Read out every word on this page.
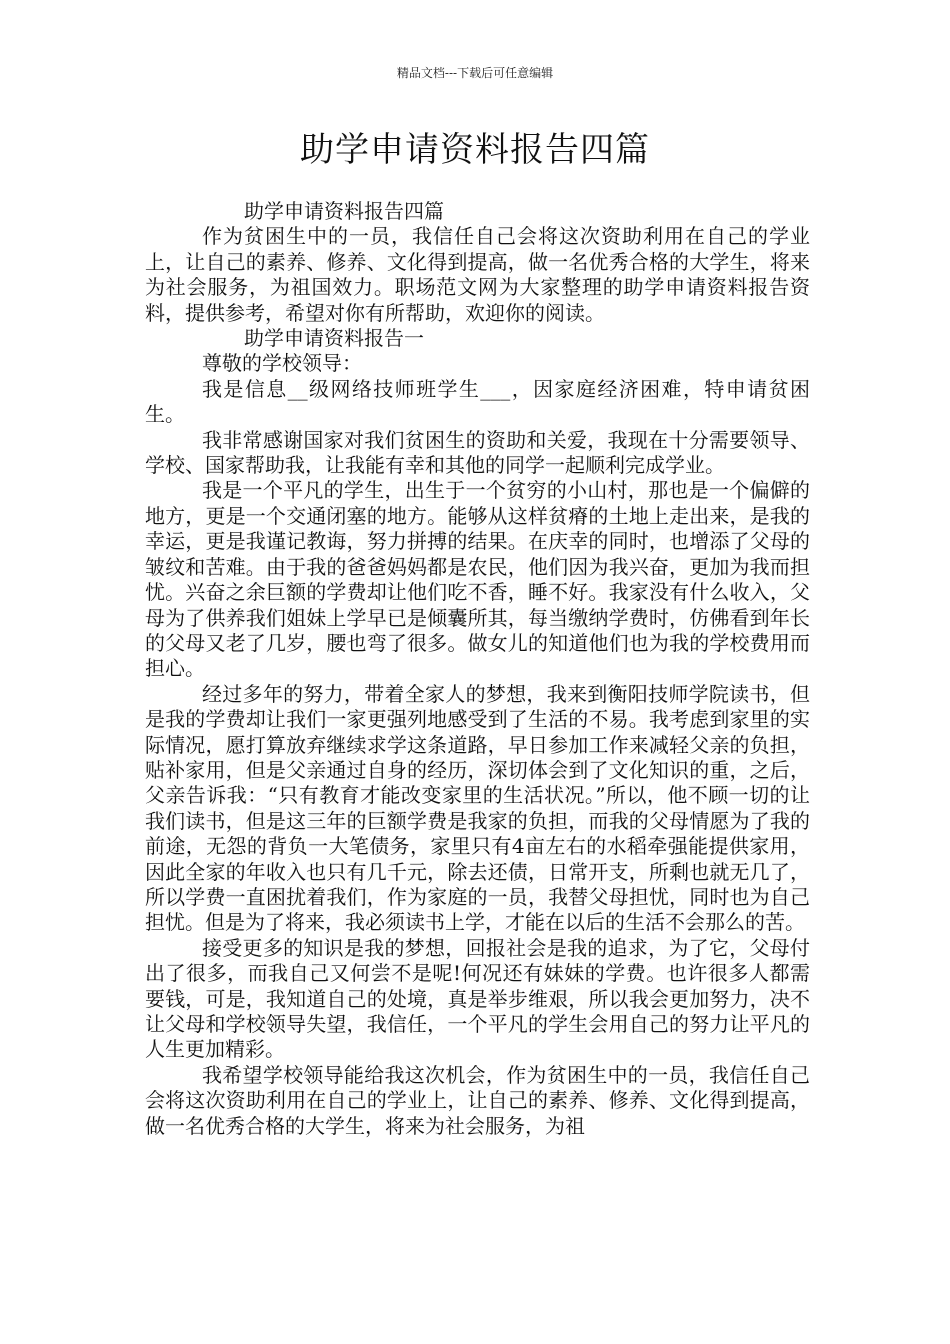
精品文档---下载后可任意编辑
助学申请资料报告四篇

助学申请资料报告四篇

作为贫困生中的一员，我信任自己会将这次资助利用在自己的学业上，让自己的素养、修养、文化得到提高，做一名优秀合格的大学生，将来为社会服务，为祖国效力。职场范文网为大家整理的助学申请资料报告资料，提供参考，希望对你有所帮助，欢迎你的阅读。

助学申请资料报告一

尊敬的学校领导：

我是信息__级网络技师班学生___，因家庭经济困难，特申请贫困生。

我非常感谢国家对我们贫困生的资助和关爱，我现在十分需要领导、学校、国家帮助我，让我能有幸和其他的同学一起顺利完成学业。

我是一个平凡的学生，出生于一个贫穷的小山村，那也是一个偏僻的地方，更是一个交通闭塞的地方。能够从这样贫瘠的土地上走出来，是我的幸运，更是我谨记教诲，努力拼搏的结果。在庆幸的同时，也增添了父母的皱纹和苦难。由于我的爸爸妈妈都是农民，他们因为我兴奋，更加为我而担忧。兴奋之余巨额的学费却让他们吃不香，睡不好。我家没有什么收入，父母为了供养我们姐妹上学早已是倾囊所其，每当缴纳学费时，仿佛看到年长的父母又老了几岁，腰也弯了很多。做女儿的知道他们也为我的学校费用而担心。

经过多年的努力，带着全家人的梦想，我来到衡阳技师学院读书，但是我的学费却让我们一家更强列地感受到了生活的不易。我考虑到家里的实际情况，愿打算放弃继续求学这条道路，早日参加工作来减轻父亲的负担，贴补家用，但是父亲通过自身的经历，深切体会到了文化知识的重，之后，父亲告诉我：“只有教育才能改变家里的生活状况。”所以，他不顾一切的让我们读书，但是这三年的巨额学费是我家的负担，而我的父母情愿为了我的前途，无怨的背负一大笔债务，家里只有4亩左右的水稻牵强能提供家用，因此全家的年收入也只有几千元，除去还债，日常开支，所剩也就无几了，所以学费一直困扰着我们，作为家庭的一员，我替父母担忧，同时也为自己担忧。但是为了将来，我必须读书上学，才能在以后的生活不会那么的苦。

接受更多的知识是我的梦想，回报社会是我的追求，为了它，父母付出了很多，而我自己又何尝不是呢!何况还有妹妹的学费。也许很多人都需要钱，可是，我知道自己的处境，真是举步维艰，所以我会更加努力，决不让父母和学校领导失望，我信任，一个平凡的学生会用自己的努力让平凡的人生更加精彩。

我希望学校领导能给我这次机会，作为贫困生中的一员，我信任自己会将这次资助利用在自己的学业上，让自己的素养、修养、文化得到提高，做一名优秀合格的大学生，将来为社会服务，为祖
